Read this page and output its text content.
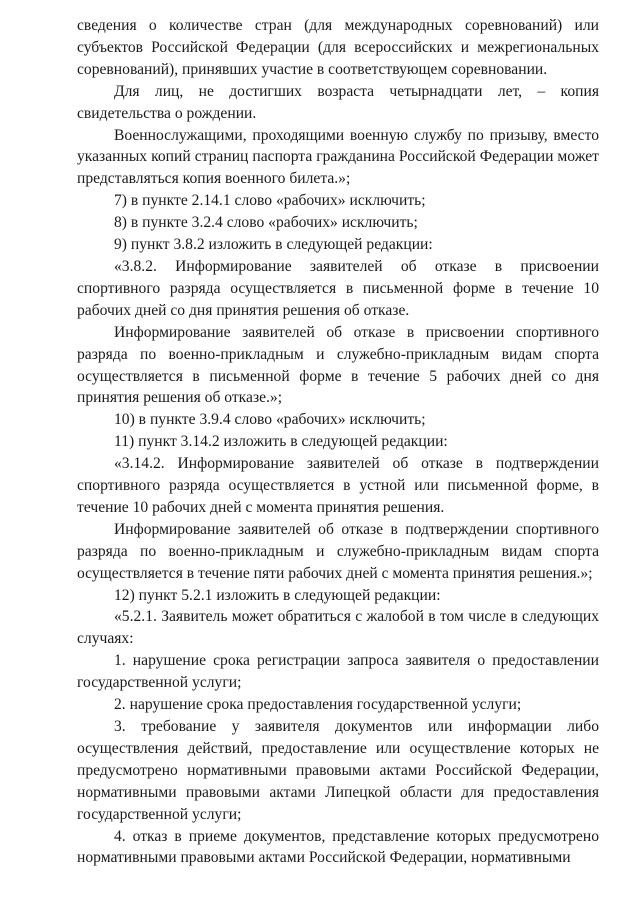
сведения о количестве стран (для международных соревнований) или субъектов Российской Федерации (для всероссийских и межрегиональных соревнований), принявших участие в соответствующем соревновании.

Для лиц, не достигших возраста четырнадцати лет, – копия свидетельства о рождении.

Военнослужащими, проходящими военную службу по призыву, вместо указанных копий страниц паспорта гражданина Российской Федерации может представляться копия военного билета.»;

7) в пункте 2.14.1 слово «рабочих» исключить;

8) в пункте 3.2.4 слово «рабочих» исключить;

9) пункт 3.8.2 изложить в следующей редакции:

«3.8.2. Информирование заявителей об отказе в присвоении спортивного разряда осуществляется в письменной форме в течение 10 рабочих дней со дня принятия решения об отказе.

Информирование заявителей об отказе в присвоении спортивного разряда по военно-прикладным и служебно-прикладным видам спорта осуществляется в письменной форме в течение 5 рабочих дней со дня принятия решения об отказе.»;

10) в пункте 3.9.4 слово «рабочих» исключить;

11) пункт 3.14.2 изложить в следующей редакции:

«3.14.2. Информирование заявителей об отказе в подтверждении спортивного разряда осуществляется в устной или письменной форме, в течение 10 рабочих дней с момента принятия решения.

Информирование заявителей об отказе в подтверждении спортивного разряда по военно-прикладным и служебно-прикладным видам спорта осуществляется в течение пяти рабочих дней с момента принятия решения.»;

12) пункт 5.2.1 изложить в следующей редакции:

«5.2.1. Заявитель может обратиться с жалобой в том числе в следующих случаях:

1. нарушение срока регистрации запроса заявителя о предоставлении государственной услуги;

2. нарушение срока предоставления государственной услуги;

3. требование у заявителя документов или информации либо осуществления действий, предоставление или осуществление которых не предусмотрено нормативными правовыми актами Российской Федерации, нормативными правовыми актами Липецкой области для предоставления государственной услуги;

4. отказ в приеме документов, представление которых предусмотрено нормативными правовыми актами Российской Федерации, нормативными
